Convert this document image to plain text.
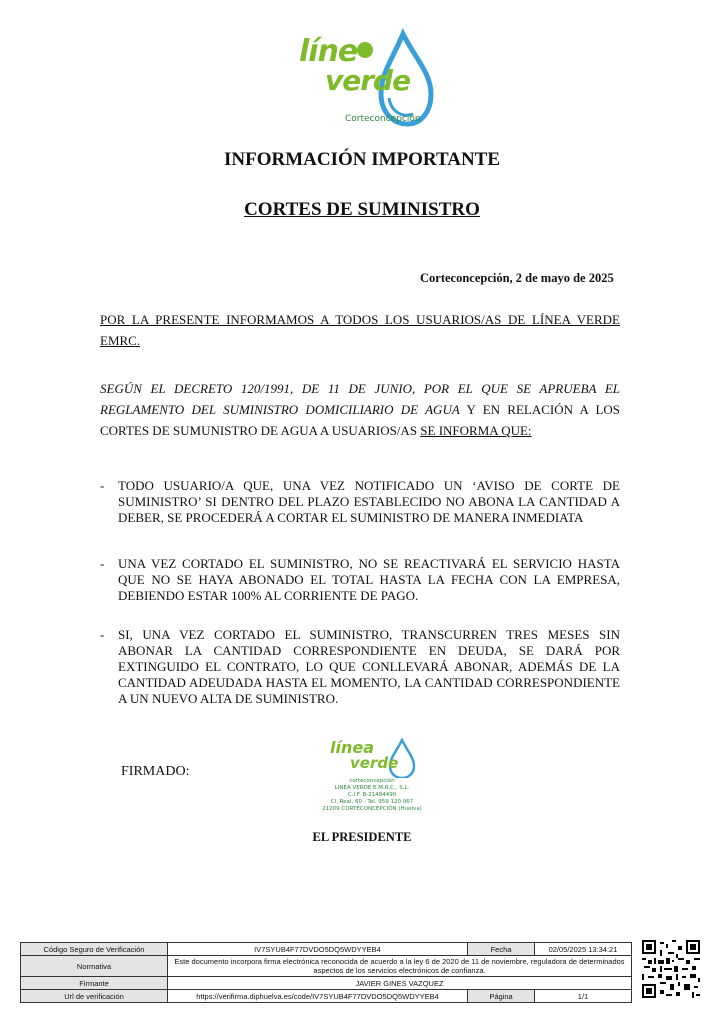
líne
verde
Corteconcepción
INFORMACIÓN IMPORTANTE
CORTES DE SUMINISTRO
Corteconcepción, 2 de mayo de 2025
POR LA PRESENTE INFORMAMOS A TODOS LOS USUARIOS/AS DE LÍNEA VERDE EMRC.
SEGÚN EL DECRETO 120/1991, DE 11 DE JUNIO, POR EL QUE SE APRUEBA EL REGLAMENTO DEL SUMINISTRO DOMICILIARIO DE AGUA Y EN RELACIÓN A LOS CORTES DE SUMUNISTRO DE AGUA A USUARIOS/AS SE INFORMA QUE:
- TODO USUARIO/A QUE, UNA VEZ NOTIFICADO UN ‘AVISO DE CORTE DE SUMINISTRO’ SI DENTRO DEL PLAZO ESTABLECIDO NO ABONA LA CANTIDAD A DEBER, SE PROCEDERÁ A CORTAR EL SUMINISTRO DE MANERA INMEDIATA
- UNA VEZ CORTADO EL SUMINISTRO, NO SE REACTIVARÁ EL SERVICIO HASTA QUE NO SE HAYA ABONADO EL TOTAL HASTA LA FECHA CON LA EMPRESA, DEBIENDO ESTAR 100% AL CORRIENTE DE PAGO.
- SI, UNA VEZ CORTADO EL SUMINISTRO, TRANSCURREN TRES MESES SIN ABONAR LA CANTIDAD CORRESPONDIENTE EN DEUDA, SE DARÁ POR EXTINGUIDO EL CONTRATO, LO QUE CONLLEVARÁ ABONAR, ADEMÁS DE LA CANTIDAD ADEUDADA HASTA EL MOMENTO, LA CANTIDAD CORRESPONDIENTE A UN NUEVO ALTA DE SUMINISTRO.
FIRMADO:
línea
verde
corteconcepción
LINEA VERDE E.M.R.C., S.L.
C.I.F. B-21484490
Cl. Real, 60 - Tel. 959 120 067
21209 CORTECONCEPCIÓN (Huelva)
EL PRESIDENTE
Código Seguro de Verificación	IV7SYUB4F77DVDO5DQ5WDYYEB4	Fecha	02/05/2025 13:34:21
Normativa	Este documento incorpora firma electrónica reconocida de acuerdo a la ley 6 de 2020 de 11 de noviembre, reguladora de determinados aspectos de los servicios electrónicos de confianza.		
Firmante	JAVIER GINES VAZQUEZ		
Url de verificación	https://verifirma.diphuelva.es/code/IV7SYUB4F77DVDO5DQ5WDYYEB4	Página	1/1
